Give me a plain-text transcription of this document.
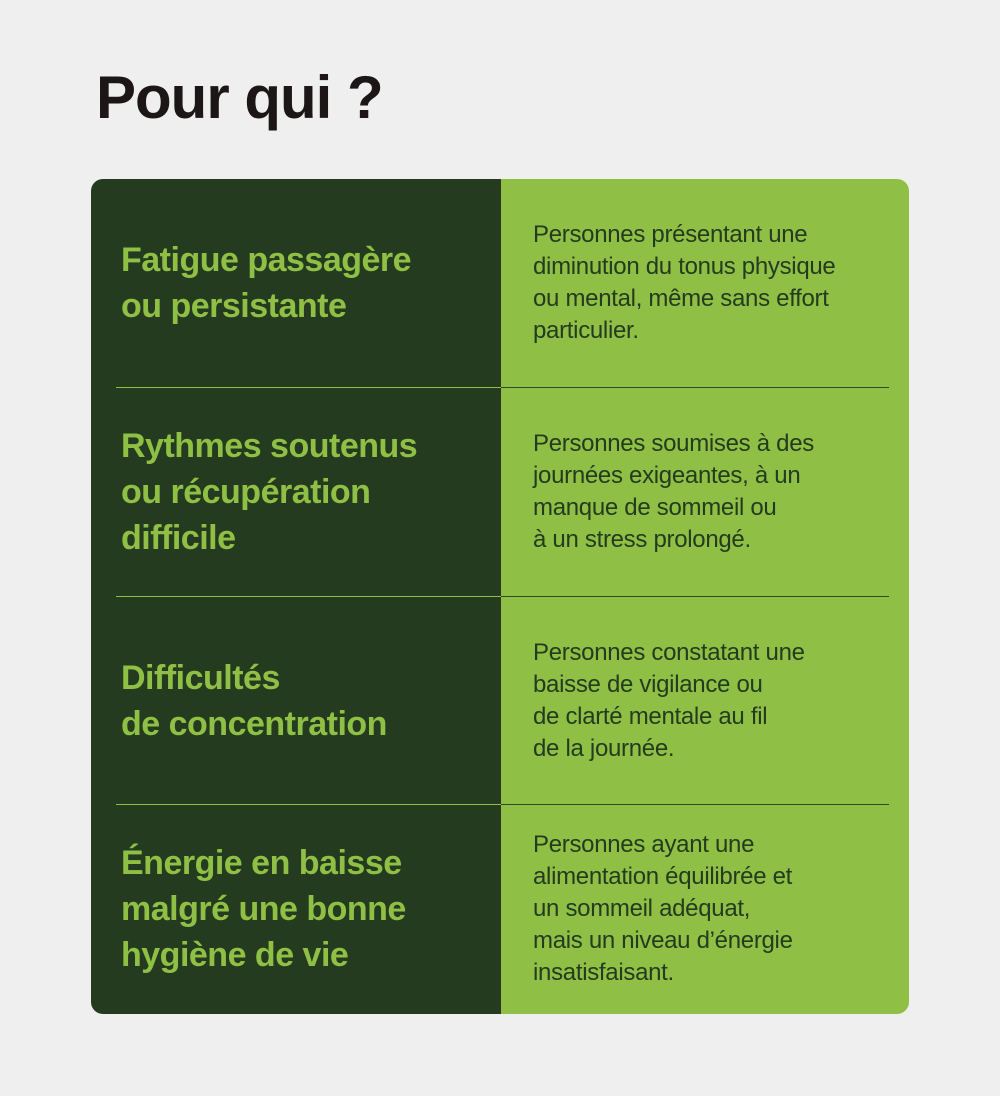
Pour qui ?
Fatigue passagère
ou persistante
Rythmes soutenus
ou récupération
difficile
Difficultés
de concentration
Énergie en baisse
malgré une bonne
hygiène de vie

Personnes présentant une
diminution du tonus physique
ou mental, même sans effort
particulier.

Personnes soumises à des
journées exigeantes, à un
manque de sommeil ou
à un stress prolongé.

Personnes constatant une
baisse de vigilance ou
de clarté mentale au fil
de la journée.

Personnes ayant une
alimentation équilibrée et
un sommeil adéquat,
mais un niveau d’énergie
insatisfaisant.
